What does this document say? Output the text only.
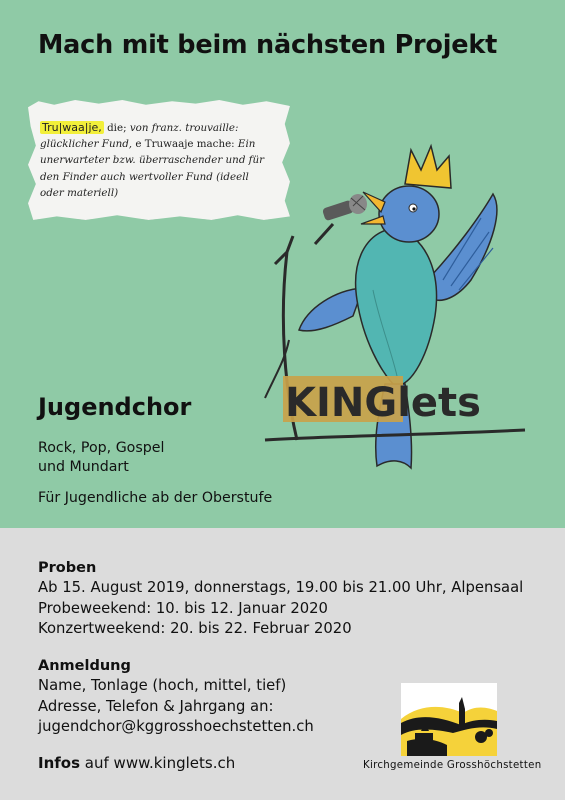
Mach mit beim nächsten Projekt
Tru|waa|je, die; von franz. trouvaille:
glücklicher Fund, e Truwaaje mache: Ein
unerwarteter bzw. überraschender und für
den Finder auch wertvoller Fund (ideell
oder materiell)
KINGlets
Jugendchor
Rock, Pop, Gospel
und Mundart
Für Jugendliche ab der Oberstufe
Proben
Ab 15. August 2019, donnerstags, 19.00 bis 21.00 Uhr, Alpensaal
Probeweekend: 10. bis 12. Januar 2020
Konzertweekend: 20. bis 22. Februar 2020
Anmeldung
Name, Tonlage (hoch, mittel, tief)
Adresse, Telefon & Jahrgang an:
jugendchor@kggrosshoechstetten.ch
Infos auf www.kinglets.ch	Kirchgemeinde Grosshöchstetten
